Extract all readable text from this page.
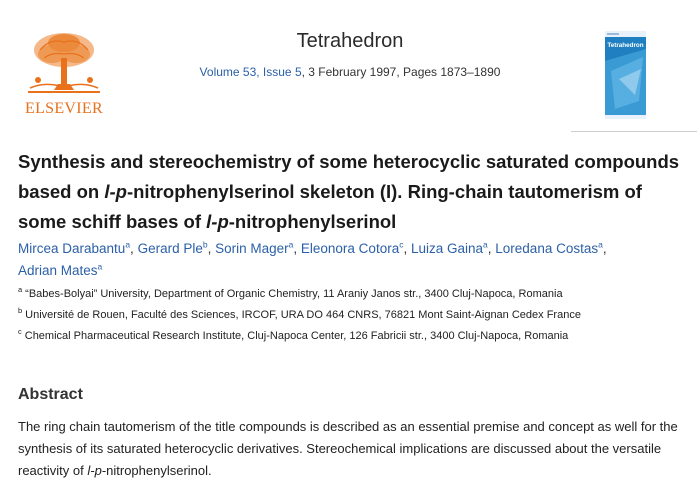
ELSEVIER
Tetrahedron
Volume 53, Issue 5, 3 February 1997, Pages 1873–1890
Tetrahedron
Synthesis and stereochemistry of some heterocyclic saturated compounds based on l-p-nitrophenylserinol skeleton (I). Ring-chain tautomerism of some schiff bases of l-p-nitrophenylserinol
Mircea Darabantu$^a$, Gerard Ple$^b$, Sorin Mager$^a$, Eleonora Cotora$^c$, Luiza Gaina$^a$, Loredana Costas$^a$,
Adrian Mates$^a$
$^a$ “Babes-Bolyai” University, Department of Organic Chemistry, 11 Araniy Janos str., 3400 Cluj-Napoca, Romania
$^b$ Université de Rouen, Faculté des Sciences, IRCOF, URA DO 464 CNRS, 76821 Mont Saint-Aignan Cedex France
$^c$ Chemical Pharmaceutical Research Institute, Cluj-Napoca Center, 126 Fabricii str., 3400 Cluj-Napoca, Romania
Abstract

The ring chain tautomerism of the title compounds is described as an essential premise and concept as well for the synthesis of its saturated heterocyclic derivatives. Stereochemical implications are discussed about the versatile reactivity of l-p-nitrophenylserinol.
